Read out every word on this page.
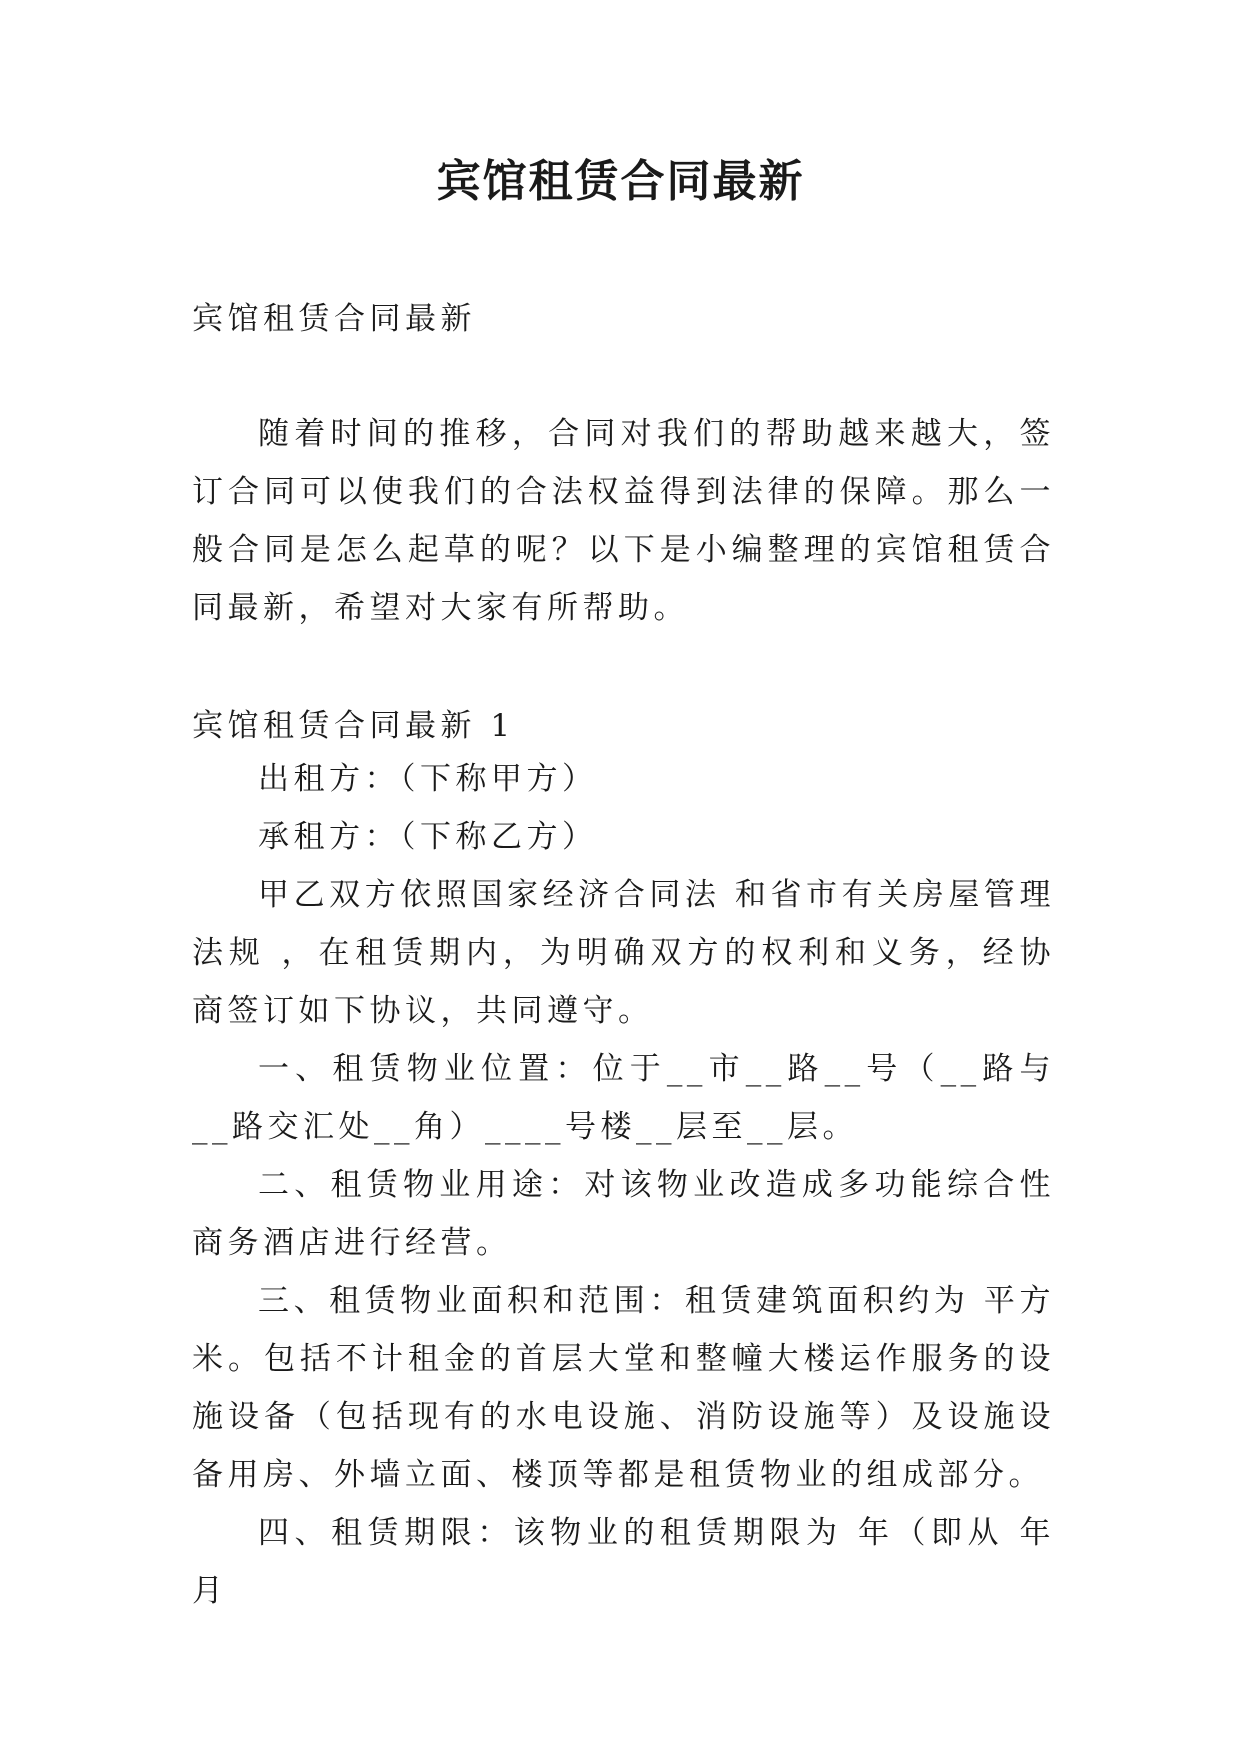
宾馆租赁合同最新

宾馆租赁合同最新

随着时间的推移，合同对我们的帮助越来越大，签订合同可以使我们的合法权益得到法律的保障。那么一般合同是怎么起草的呢？以下是小编整理的宾馆租赁合同最新，希望对大家有所帮助。

宾馆租赁合同最新 1

出租方：（下称甲方）

承租方：（下称乙方）

甲乙双方依照国家经济合同法 和省市有关房屋管理法规 ，在租赁期内，为明确双方的权利和义务，经协商签订如下协议，共同遵守。

一、租赁物业位置：位于__市__路__号（__路与__路交汇处__角）____号楼__层至__层。

二、租赁物业用途：对该物业改造成多功能综合性商务酒店进行经营。

三、租赁物业面积和范围：租赁建筑面积约为 平方米。包括不计租金的首层大堂和整幢大楼运作服务的设施设备（包括现有的水电设施、消防设施等）及设施设备用房、外墙立面、楼顶等都是租赁物业的组成部分。

四、租赁期限：该物业的租赁期限为 年（即从 年 月
